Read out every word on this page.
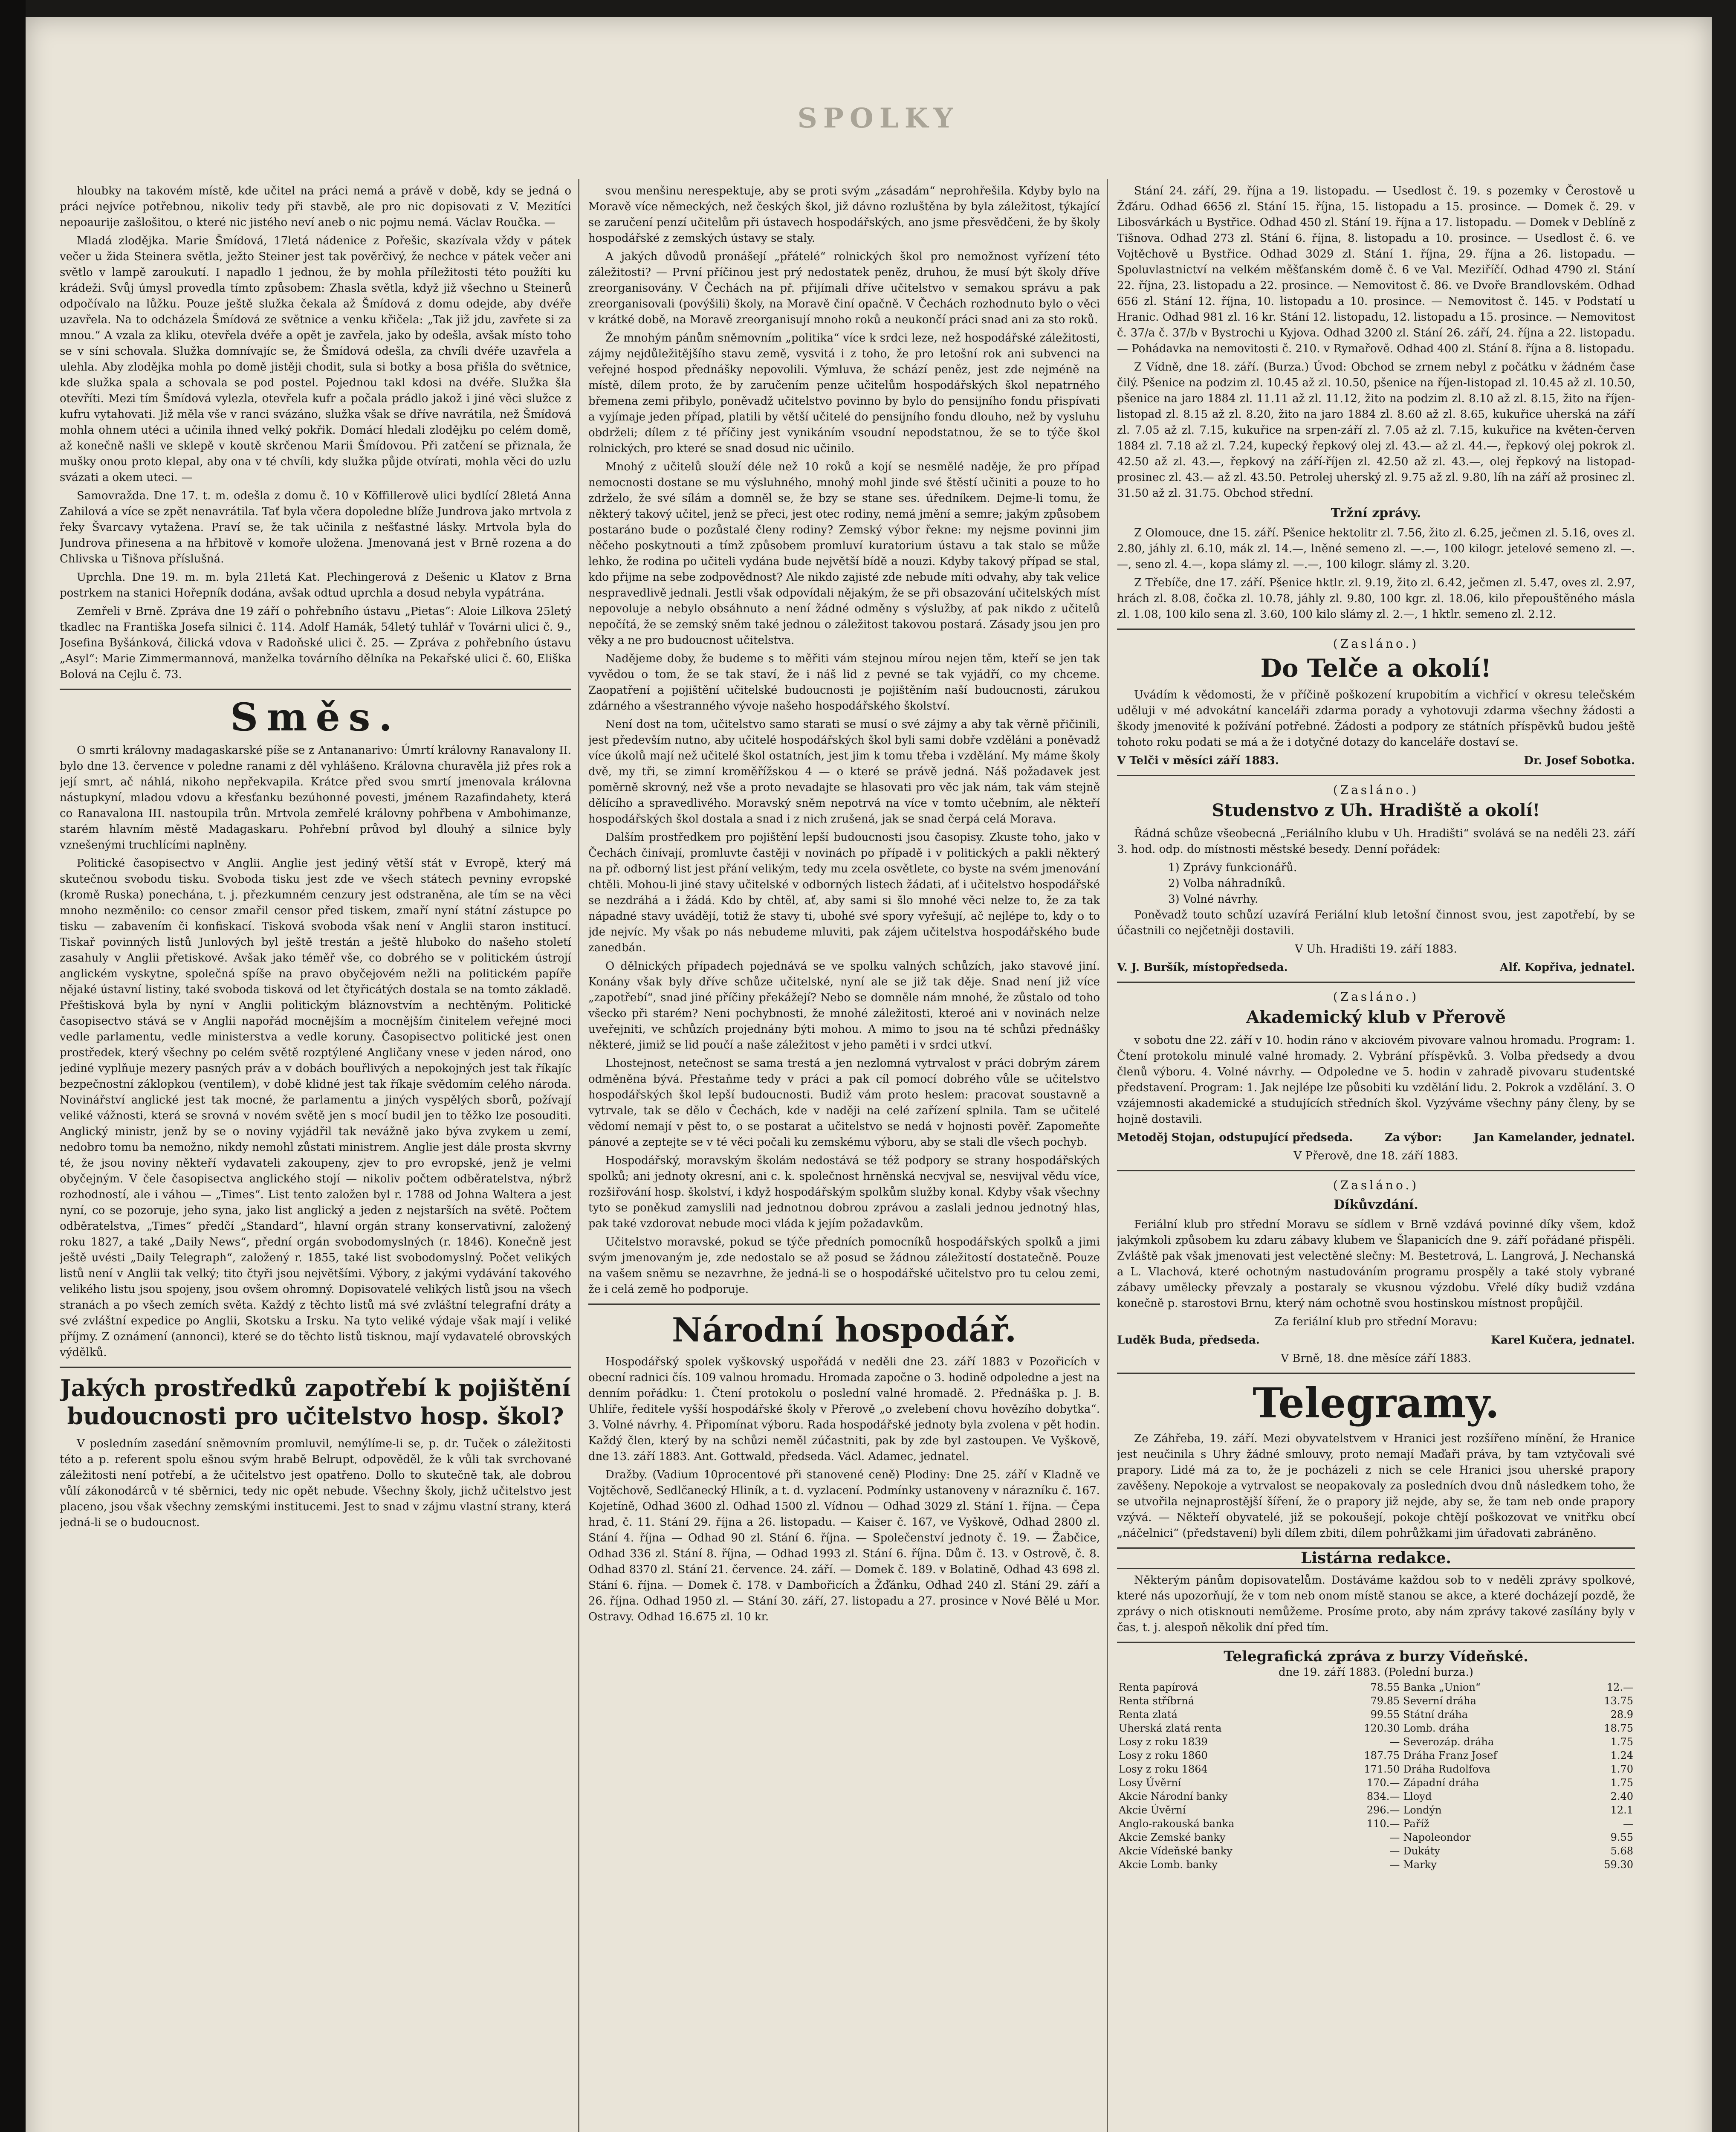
SPOLKY

hloubky na takovém místě, kde učitel na práci nemá a právě v době, kdy se jedná o práci nejvíce potřebnou, nikoliv tedy při stavbě, ale pro nic dopisovati z V. Mezitíci nepoaurije zašlošitou, o které nic jistého neví aneb o nic pojmu nemá. Václav Roučka. —

Mladá zlodějka. Marie Šmídová, 17letá nádenice z Pořešic, skazívala vždy v pátek večer u žida Steinera světla, ježto Steiner jest tak pověrčivý, že nechce v pátek večer ani světlo v lampě zaroukutí. I napadlo 1 jednou, že by mohla příležitosti této použíti ku krádeži. Svůj úmysl provedla tímto způsobem: Zhasla světla, když již všechno u Steinerů odpočívalo na lůžku. Pouze ještě služka čekala až Šmídová z domu odejde, aby dvéře uzavřela. Na to odcházela Šmídová ze světnice a venku křičela: „Tak již jdu, zavřete si za mnou.“ A vzala za kliku, otevřela dvéře a opět je zavřela, jako by odešla, avšak místo toho se v síni schovala. Služka domnívajíc se, že Šmídová odešla, za chvíli dvéře uzavřela a ulehla. Aby zlodějka mohla po domě jistěji chodit, sula si botky a bosa přišla do světnice, kde služka spala a schovala se pod postel. Pojednou takl kdosi na dvéře. Služka šla otevříti. Mezi tím Šmídová vylezla, otevřela kufr a počala prádlo jakož i jiné věci služce z kufru vytahovati. Již měla vše v ranci svázáno, služka však se dříve navrátila, než Šmídová mohla ohnem utéci a učinila ihned velký pokřik. Domácí hledali zlodějku po celém domě, až konečně našli ve sklepě v koutě skrčenou Marii Šmídovou. Při zatčení se přiznala, že mušky onou proto klepal, aby ona v té chvíli, kdy služka půjde otvírati, mohla věci do uzlu svázati a okem uteci. —

Samovražda. Dne 17. t. m. odešla z domu č. 10 v Köffillerově ulici bydlící 28letá Anna Zahilová a více se zpět nenavrátila. Tať byla včera dopoledne blíže Jundrova jako mrtvola z řeky Švarcavy vytažena. Praví se, že tak učinila z nešťastné lásky. Mrtvola byla do Jundrova přinesena a na hřbitově v komoře uložena. Jmenovaná jest v Brně rozena a do Chlivska u Tišnova příslušná.

Uprchla. Dne 19. m. m. byla 21letá Kat. Plechingerová z Dešenic u Klatov z Brna postrkem na stanici Hořepník dodána, avšak odtud uprchla a dosud nebyla vypátrána.

Zemřeli v Brně. Zpráva dne 19 září o pohřebního ústavu „Pietas“: Aloie Lilkova 25letý tkadlec na Františka Josefa silnici č. 114. Adolf Hamák, 54letý tuhlář v Továrni ulici č. 9., Josefina Byšánková, čilická vdova v Radoňské ulici č. 25. — Zpráva z pohřebního ústavu „Asyl“: Marie Zimmermannová, manželka továrního dělníka na Pekařské ulici č. 60, Eliška Bolová na Cejlu č. 73.

Směs.

O smrti královny madagaskarské píše se z Antananarivo: Úmrtí královny Ranavalony II. bylo dne 13. července v poledne ranami z děl vyhlášeno. Královna churavěla již přes rok a její smrt, ač náhlá, nikoho nepřekvapila. Krátce před svou smrtí jmenovala královna nástupkyní, mladou vdovu a křesťanku bezúhonné povesti, jménem Razafindahety, která co Ranavalona III. nastoupila trůn. Mrtvola zemřelé královny pohřbena v Ambohimanze, starém hlavním městě Madagaskaru. Pohřební průvod byl dlouhý a silnice byly vznešenými truchlícími naplněny.

Politické časopisectvo v Anglii. Anglie jest jediný větší stát v Evropě, který má skutečnou svobodu tisku. Svoboda tisku jest zde ve všech státech pevniny evropské (kromě Ruska) ponechána, t. j. přezkumném cenzury jest odstraněna, ale tím se na věci mnoho nezměnilo: co censor zmařil censor před tiskem, zmaří nyní státní zástupce po tisku — zabavením či konfiskací. Tisková svoboda však není v Anglii staron institucí. Tiskař povinných listů Junlových byl ještě trestán a ještě hluboko do našeho století zasahuly v Anglii přetiskové. Avšak jako téměř vše, co dobrého se v politickém ústrojí anglickém vyskytne, společná spíše na pravo obyčejovém nežli na politickém papíře nějaké ústavní listiny, také svoboda tisková od let čtyřicátých dostala se na tomto základě. Přeštisková byla by nyní v Anglii politickým bláznovstvím a nechtěným. Politické časopisectvo stává se v Anglii napořád mocnějším a mocnějším činitelem veřejné moci vedle parlamentu, vedle ministerstva a vedle koruny. Časopisectvo politické jest onen prostředek, který všechny po celém světě rozptýlené Angličany vnese v jeden národ, ono jediné vyplňuje mezery pasných práv a v dobách bouřlivých a nepokojných jest tak říkajíc bezpečnostní záklopkou (ventilem), v době klidné jest tak říkaje svědomím celého národa. Novinářství anglické jest tak mocné, že parlamentu a jiných vyspělých sborů, požívají veliké vážnosti, která se srovná v novém světě jen s mocí budil jen to těžko lze posouditi. Anglický ministr, jenž by se o noviny vyjádřil tak nevážně jako býva zvykem u zemí, nedobro tomu ba nemožno, nikdy nemohl zůstati ministrem. Anglie jest dále prosta skvrny té, že jsou noviny někteří vydavateli zakoupeny, zjev to pro evropské, jenž je velmi obyčejným. V čele časopisectva anglického stojí — nikoliv počtem odběratelstva, nýbrž rozhodností, ale i váhou — „Times“. List tento založen byl r. 1788 od Johna Waltera a jest nyní, co se pozoruje, jeho syna, jako list anglický a jeden z nejstarších na světě. Počtem odběratelstva, „Times“ předčí „Standard“, hlavní orgán strany konservativní, založený roku 1827, a také „Daily News“, přední orgán svobodomyslných (r. 1846). Konečně jest ještě uvésti „Daily Telegraph“, založený r. 1855, také list svobodomyslný. Počet velikých listů není v Anglii tak velký; tito čtyři jsou největšími. Výbory, z jakými vydávání takového velikého listu jsou spojeny, jsou ovšem ohromný. Dopisovatelé velikých listů jsou na všech stranách a po všech zemích světa. Každý z těchto listů má své zvláštní telegrafní dráty a své zvláštní expedice po Anglii, Skotsku a Irsku. Na tyto veliké výdaje však mají i veliké příjmy. Z oznámení (annonci), které se do těchto listů tisknou, mají vydavatelé obrovských výdělků.

Jakých prostředků zapotřebí k pojištění budoucnosti pro učitelstvo hosp. škol?

V posledním zasedání sněmovním promluvil, nemýlíme-li se, p. dr. Tuček o záležitosti této a p. referent spolu ešnou svým hrabě Belrupt, odpověděl, že k vůli tak svrchované záležitosti není potřebí, a že učitelstvo jest opatřeno. Dollo to skutečně tak, ale dobrou vůlí zákonodárců v té sběrnici, tedy nic opět nebude. Všechny školy, jichž učitelstvo jest placeno, jsou však všechny zemskými institucemi. Jest to snad v zájmu vlastní strany, která jedná-li se o budoucnost.

svou menšinu nerespektuje, aby se proti svým „zásadám“ neprohřešila. Kdyby bylo na Moravě více německých, než českých škol, již dávno rozluštěna by byla záležitost, týkající se zaručení penzí učitelům při ústavech hospodářských, ano jsme přesvědčeni, že by školy hospodářské z zemských ústavy se staly.

A jakých důvodů pronášejí „přátelé“ rolnických škol pro nemožnost vyřízení této záležitosti? — První příčinou jest prý nedostatek peněz, druhou, že musí být školy dříve zreorganisovány. V Čechách na př. přijímali dříve učitelstvo v semakou správu a pak zreorganisovali (povýšili) školy, na Moravě činí opačně. V Čechách rozhodnuto bylo o věci v krátké době, na Moravě zreorganisují mnoho roků a neukončí práci snad ani za sto roků.

Že mnohým pánům sněmovním „politika“ více k srdci leze, než hospodářské záležitosti, zájmy nejdůležitějšího stavu země, vysvitá i z toho, že pro letošní rok ani subvenci na veřejné hospod přednášky nepovolili. Výmluva, že schází peněz, jest zde nejméně na místě, dílem proto, že by zaručením penze učitelům hospodářských škol nepatrného břemena zemi přibylo, poněvadž učitelstvo povinno by bylo do pensijního fondu přispívati a vyjímaje jeden případ, platili by větší učitelé do pensijního fondu dlouho, než by vysluhu obdrželi; dílem z té příčiny jest vynikáním vsoudní nepodstatnou, že se to týče škol rolnických, pro které se snad dosud nic učinilo.

Mnohý z učitelů slouží déle než 10 roků a kojí se nesmělé naděje, že pro případ nemocnosti dostane se mu výsluhného, mnohý mohl jinde své štěstí učiniti a pouze to ho zdrželo, že své sílám a domněl se, že bzy se stane ses. úředníkem. Dejme-li tomu, že některý takový učitel, jenž se přeci, jest otec rodiny, nemá jmění a semre; jakým způsobem postaráno bude o pozůstalé členy rodiny? Zemský výbor řekne: my nejsme povinni jim něčeho poskytnouti a tímž způsobem promluví kuratorium ústavu a tak stalo se může lehko, že rodina po učiteli vydána bude největší bídě a nouzi. Kdyby takový případ se stal, kdo přijme na sebe zodpovědnost? Ale nikdo zajisté zde nebude míti odvahy, aby tak velice nespravedlivě jednali. Jestli však odpovídali nějakým, že se při obsazování učitelských míst nepovoluje a nebylo obsáhnuto a není žádné odměny s výslužby, ať pak nikdo z učitelů nepočítá, že se zemský sněm také jednou o záležitost takovou postará. Zásady jsou jen pro věky a ne pro budoucnost učitelstva.

Nadějeme doby, že budeme s to měřiti vám stejnou mírou nejen těm, kteří se jen tak vyvědou o tom, že se tak staví, že i náš lid z pevné se tak vyjádří, co my chceme. Zaopatření a pojištění učitelské budoucnosti je pojištěním naší budoucnosti, zárukou zdárného a všestranného vývoje našeho hospodářského školství.

Není dost na tom, učitelstvo samo starati se musí o své zájmy a aby tak věrně přičinili, jest především nutno, aby učitelé hospodářských škol byli sami dobře vzděláni a poněvadž více úkolů mají než učitelé škol ostatních, jest jim k tomu třeba i vzdělání. My máme školy dvě, my tři, se zimní kroměřížskou 4 — o které se právě jedná. Náš požadavek jest poměrně skrovný, než vše a proto nevadajte se hlasovati pro věc jak nám, tak vám stejně dělícího a spravedlivého. Moravský sněm nepotrvá na více v tomto učebním, ale někteří hospodářských škol dostala a snad i z nich zrušená, jak se snad čerpá celá Morava.

Dalším prostředkem pro pojištění lepší budoucnosti jsou časopisy. Zkuste toho, jako v Čechách činívají, promluvte častěji v novinách po případě i v politických a pakli některý na př. odborný list jest přání velikým, tedy mu zcela osvětlete, co byste na svém jmenování chtěli. Mohou-li jiné stavy učitelské v odborných listech žádati, ať i učitelstvo hospodářské se nezdráhá a i žádá. Kdo by chtěl, ať, aby sami si šlo mnohé věci nelze to, že za tak nápadné stavy uvádějí, totiž že stavy ti, ubohé své spory vyřešují, ač nejlépe to, kdy o to jde nejvíc. My však po nás nebudeme mluviti, pak zájem učitelstva hospodářského bude zanedbán.

O dělnických případech pojednává se ve spolku valných schůzích, jako stavové jiní. Konány však byly dříve schůze učitelské, nyní ale se již tak děje. Snad není již více „zapotřebí“, snad jiné příčiny překážejí? Nebo se domněle nám mnohé, že zůstalo od toho všecko při starém? Neni pochybnosti, že mnohé záležitosti, kteroé ani v novinách nelze uveřejniti, ve schůzích projednány býti mohou. A mimo to jsou na té schůzi přednášky některé, jimiž se lid poučí a naše záležitost v jeho paměti i v srdci utkví.

Lhostejnost, netečnost se sama trestá a jen nezlomná vytrvalost v práci dobrým zárem odměněna bývá. Přestaňme tedy v práci a pak cíl pomocí dobrého vůle se učitelstvo hospodářských škol lepší budoucnosti. Budiž vám proto heslem: pracovat soustavně a vytrvale, tak se dělo v Čechách, kde v naději na celé zařízení splnila. Tam se učitelé vědomí nemají v pěst to, o se postarat a učitelstvo se nedá v hojnosti pověř. Zapomeňte pánové a zeptejte se v té věci počali ku zemskému výboru, aby se stali dle všech pochyb.

Hospodářský, moravským školám nedostává se též podpory se strany hospodářských spolků; ani jednoty okresní, ani c. k. společnost hrněnská necvjval se, nesvijval vědu více, rozšiřování hosp. školství, i když hospodářským spolkům služby konal. Kdyby však všechny tyto se poněkud zamyslili nad jednotnou dobrou zprávou a zaslali jednou jednotný hlas, pak také vzdorovat nebude moci vláda k jejím požadavkům.

Učitelstvo moravské, pokud se týče předních pomocníků hospodářských spolků a jimi svým jmenovaným je, zde nedostalo se až posud se žádnou záležitostí dostatečně. Pouze na vašem sněmu se nezavrhne, že jedná-li se o hospodářské učitelstvo pro tu celou zemi, že i celá země ho podporuje.

Národní hospodář.

Hospodářský spolek vyškovský uspořádá v neděli dne 23. září 1883 v Pozořicích v obecní radnici čís. 109 valnou hromadu. Hromada započne o 3. hodině odpoledne a jest na denním pořádku: 1. Čtení protokolu o poslední valné hromadě. 2. Přednáška p. J. B. Uhlíře, ředitele vyšší hospodářské školy v Přerově „o zvelebení chovu hovězího dobytka“. 3. Volné návrhy. 4. Připomínat výboru. Rada hospodářské jednoty byla zvolena v pět hodin. Každý člen, který by na schůzi neměl zúčastniti, pak by zde byl zastoupen. Ve Vyškově, dne 13. září 1883. Ant. Gottwald, předseda. Václ. Adamec, jednatel.

Dražby. (Vadium 10procentové při stanovené ceně) Plodiny: Dne 25. září v Kladně ve Vojtěchově, Sedlčanecký Hliník, a t. d. vyzlacení. Podmínky ustanoveny v nárazníku č. 167. Kojetíně, Odhad 3600 zl. Odhad 1500 zl. Vídnou — Odhad 3029 zl. Stání 1. října. — Čepa hrad, č. 11. Stání 29. října a 26. listopadu. — Kaiser č. 167, ve Vyškově, Odhad 2800 zl. Stání 4. října — Odhad 90 zl. Stání 6. října. — Společenství jednoty č. 19. — Žabčice, Odhad 336 zl. Stání 8. října, — Odhad 1993 zl. Stání 6. října. Dům č. 13. v Ostrově, č. 8. Odhad 8370 zl. Stání 21. července. 24. září. — Domek č. 189. v Bolatině, Odhad 43 698 zl. Stání 6. října. — Domek č. 178. v Dambořicích a Žďánku, Odhad 240 zl. Stání 29. září a 26. října. Odhad 1950 zl. — Stání 30. září, 27. listopadu a 27. prosince v Nové Bělé u Mor. Ostravy. Odhad 16.675 zl. 10 kr.

Stání 24. září, 29. října a 19. listopadu. — Usedlost č. 19. s pozemky v Čerostově u Žďáru. Odhad 6656 zl. Stání 15. října, 15. listopadu a 15. prosince. — Domek č. 29. v Libosvárkách u Bystřice. Odhad 450 zl. Stání 19. října a 17. listopadu. — Domek v Deblíně z Tišnova. Odhad 273 zl. Stání 6. října, 8. listopadu a 10. prosince. — Usedlost č. 6. ve Vojtěchově u Bystřice. Odhad 3029 zl. Stání 1. října, 29. října a 26. listopadu. — Spoluvlastnictví na velkém měšťanském domě č. 6 ve Val. Meziříčí. Odhad 4790 zl. Stání 22. října, 23. listopadu a 22. prosince. — Nemovitost č. 86. ve Dvoře Brandlovském. Odhad 656 zl. Stání 12. října, 10. listopadu a 10. prosince. — Nemovitost č. 145. v Podstatí u Hranic. Odhad 981 zl. 16 kr. Stání 12. listopadu, 12. listopadu a 15. prosince. — Nemovitost č. 37/a č. 37/b v Bystrochi u Kyjova. Odhad 3200 zl. Stání 26. září, 24. října a 22. listopadu. — Pohádavka na nemovitosti č. 210. v Rymařově. Odhad 400 zl. Stání 8. října a 8. listopadu.

Z Vídně, dne 18. září. (Burza.) Úvod: Obchod se zrnem nebyl z počátku v žádném čase čilý. Pšenice na podzim zl. 10.45 až zl. 10.50, pšenice na říjen-listopad zl. 10.45 až zl. 10.50, pšenice na jaro 1884 zl. 11.11 až zl. 11.12, žito na podzim zl. 8.10 až zl. 8.15, žito na říjen-listopad zl. 8.15 až zl. 8.20, žito na jaro 1884 zl. 8.60 až zl. 8.65, kukuřice uherská na září zl. 7.05 až zl. 7.15, kukuřice na srpen-září zl. 7.05 až zl. 7.15, kukuřice na květen-červen 1884 zl. 7.18 až zl. 7.24, kupecký řepkový olej zl. 43.— až zl. 44.—, řepkový olej pokrok zl. 42.50 až zl. 43.—, řepkový na září-říjen zl. 42.50 až zl. 43.—, olej řepkový na listopad-prosinec zl. 43.— až zl. 43.50. Petrolej uherský zl. 9.75 až zl. 9.80, líh na září až prosinec zl. 31.50 až zl. 31.75. Obchod střední.

Tržní zprávy.

Z Olomouce, dne 15. září. Pšenice hektolitr zl. 7.56, žito zl. 6.25, ječmen zl. 5.16, oves zl. 2.80, jáhly zl. 6.10, mák zl. 14.—, lněné semeno zl. —.—, 100 kilogr. jetelové semeno zl. —.—, seno zl. 4.—, kopa slámy zl. —.—, 100 kilogr. slámy zl. 3.20.

Z Třebíče, dne 17. září. Pšenice hktlr. zl. 9.19, žito zl. 6.42, ječmen zl. 5.47, oves zl. 2.97, hrách zl. 8.08, čočka zl. 10.78, jáhly zl. 9.80, 100 kgr. zl. 18.06, kilo přepouštěného másla zl. 1.08, 100 kilo sena zl. 3.60, 100 kilo slámy zl. 2.—, 1 hktlr. semeno zl. 2.12.

(Zasláno.)
Do Telče a okolí!

Uvádím k vědomosti, že v příčině poškození krupobitím a vichřicí v okresu telečském uděluji v mé advokátní kanceláři zdarma porady a vyhotovuji zdarma všechny žádosti a škody jmenovité k požívání potřebné. Žádosti a podpory ze státních příspěvků budou ještě tohoto roku podati se má a že i dotyčné dotazy do kanceláře dostaví se.

V Telči v měsíci září 1883.	Dr. Josef Sobotka.
(Zasláno.)
Studenstvo z Uh. Hradiště a okolí!

Řádná schůze všeobecná „Feriálního klubu v Uh. Hradišti“ svolává se na neděli 23. září 3. hod. odp. do místnosti městské besedy. Denní pořádek:

1) Zprávy funkcionářů.
2) Volba náhradníků.
3) Volné návrhy.

Poněvadž touto schůzí uzavírá Feriální klub letošní činnost svou, jest zapotřebí, by se účastnili co nejčetněji dostavili.

V Uh. Hradišti 19. září 1883.
V. J. Buršík, místopředseda.	Alf. Kopřiva, jednatel.
(Zasláno.)
Akademický klub v Přerově

v sobotu dne 22. září v 10. hodin ráno v akciovém pivovare valnou hromadu. Program: 1. Čtení protokolu minulé valné hromady. 2. Vybrání příspěvků. 3. Volba předsedy a dvou členů výboru. 4. Volné návrhy. — Odpoledne ve 5. hodin v zahradě pivovaru studentské představení. Program: 1. Jak nejlépe lze působiti ku vzdělání lidu. 2. Pokrok a vzdělání. 3. O vzájemnosti akademické a studujících středních škol. Vyzýváme všechny pány členy, by se hojně dostavili.

Metoděj Stojan, odstupující předseda.	Za výbor:	Jan Kamelander, jednatel.
V Přerově, dne 18. září 1883.
(Zasláno.)
Díkůvzdání.

Feriální klub pro střední Moravu se sídlem v Brně vzdává povinné díky všem, kdož jakýmkoli způsobem ku zdaru zábavy klubem ve Šlapanicích dne 9. září pořádané přispěli. Zvláště pak však jmenovati jest velectěné slečny: M. Bestetrová, L. Langrová, J. Nechanská a L. Vlachová, které ochotným nastudováním programu prospěly a také stoly vybrané zábavy umělecky převzaly a postaraly se vkusnou výzdobu. Vřelé díky budiž vzdána konečně p. starostovi Brnu, který nám ochotně svou hostinskou místnost propůjčil.

Za feriální klub pro střední Moravu:
Luděk Buda, předseda.	Karel Kučera, jednatel.
V Brně, 18. dne měsíce září 1883.
Telegramy.

Ze Záhřeba, 19. září. Mezi obyvatelstvem v Hranici jest rozšířeno mínění, že Hranice jest neučinila s Uhry žádné smlouvy, proto nemají Maďaři práva, by tam vztyčovali své prapory. Lidé má za to, že je pocházeli z nich se cele Hranici jsou uherské prapory zavěšeny. Nepokoje a vytrvalost se neopakovaly za posledních dvou dnů následkem toho, že se utvořila nejnaprostější šíření, že o prapory již nejde, aby se, že tam neb onde prapory vzývá. — Někteří obyvatelé, již se pokoušejí, pokoje chtějí poškozovat ve vnitřku obcí „náčelnici“ (představení) byli dílem zbiti, dílem pohrůžkami jim úřadovati zabráněno.

Listárna redakce.

Některým pánům dopisovatelům. Dostáváme každou sob to v neděli zprávy spolkové, které nás upozorňují, že v tom neb onom místě stanou se akce, a které docházejí pozdě, že zprávy o nich otisknouti nemůžeme. Prosíme proto, aby nám zprávy takové zasílány byly v čas, t. j. alespoň několik dní před tím.

Telegrafická zpráva z burzy Vídeňské.
dne 19. září 1883. (Polední burza.)
Renta papírová	78.55	Banka „Union“	12.—
Renta stříbrná	79.85	Severní dráha	13.75
Renta zlatá	99.55	Státní dráha	28.9
Uherská zlatá renta	120.30	Lomb. dráha	18.75
Losy z roku 1839	—	Severozáp. dráha	1.75
Losy z roku 1860	187.75	Dráha Franz Josef	1.24
Losy z roku 1864	171.50	Dráha Rudolfova	1.70
Losy Úvěrní	170.—	Západní dráha	1.75
Akcie Národní banky	834.—	Lloyd	2.40
Akcie Úvěrní	296.—	Londýn	12.1
Anglo-rakouská banka	110.—	Paříž	—
Akcie Zemské banky	—	Napoleondor	9.55
Akcie Vídeňské banky	—	Dukáty	5.68
Akcie Lomb. banky	—	Marky	59.30
